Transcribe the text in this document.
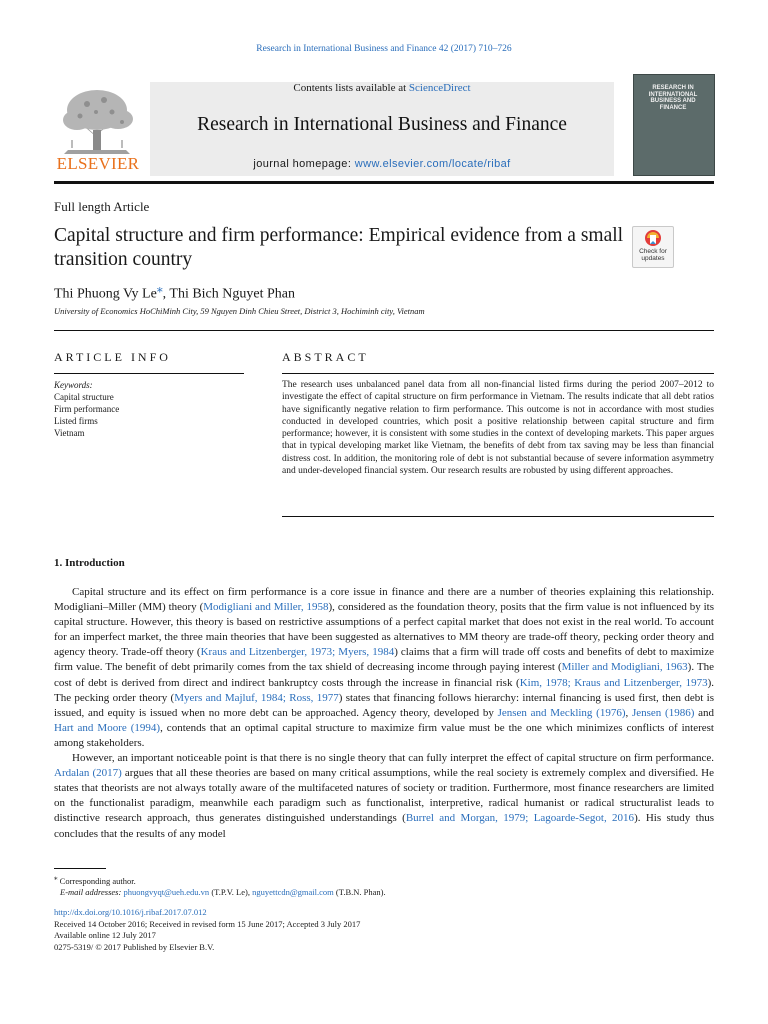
Research in International Business and Finance 42 (2017) 710–726
ELSEVIER
Contents lists available at ScienceDirect
Research in International Business and Finance
journal homepage: www.elsevier.com/locate/ribaf
RESEARCH IN INTERNATIONAL BUSINESS AND FINANCE
Full length Article
Capital structure and firm performance: Empirical evidence from a small transition country	Check for updates
Thi Phuong Vy Le⁎, Thi Bich Nguyet Phan
University of Economics HoChiMinh City, 59 Nguyen Dinh Chieu Street, District 3, Hochiminh city, Vietnam
ARTICLE INFO
Keywords:
Capital structure
Firm performance
Listed firms
Vietnam
ABSTRACT
The research uses unbalanced panel data from all non-financial listed firms during the period 2007–2012 to investigate the effect of capital structure on firm performance in Vietnam. The results indicate that all debt ratios have significantly negative relation to firm performance. This outcome is not in accordance with most studies conducted in developed countries, which posit a positive relationship between capital structure and firm performance; however, it is consistent with some studies in the context of developing markets. This paper argues that in typical developing market like Vietnam, the benefits of debt from tax saving may be less than financial distress cost. In addition, the monitoring role of debt is not substantial because of severe information asymmetry and under-developed financial system. Our research results are robusted by using different approaches.
1. Introduction

Capital structure and its effect on firm performance is a core issue in finance and there are a number of theories explaining this relationship. Modigliani–Miller (MM) theory (Modigliani and Miller, 1958), considered as the foundation theory, posits that the firm value is not influenced by its capital structure. However, this theory is based on restrictive assumptions of a perfect capital market that does not exist in the real world. To account for an imperfect market, the three main theories that have been suggested as alternatives to MM theory are trade-off theory, pecking order theory and agency theory. Trade-off theory (Kraus and Litzenberger, 1973; Myers, 1984) claims that a firm will trade off costs and benefits of debt to maximize firm value. The benefit of debt primarily comes from the tax shield of decreasing income through paying interest (Miller and Modigliani, 1963). The cost of debt is derived from direct and indirect bankruptcy costs through the increase in financial risk (Kim, 1978; Kraus and Litzenberger, 1973). The pecking order theory (Myers and Majluf, 1984; Ross, 1977) states that financing follows hierarchy: internal financing is used first, then debt is issued, and equity is issued when no more debt can be approached. Agency theory, developed by Jensen and Meckling (1976), Jensen (1986) and Hart and Moore (1994), contends that an optimal capital structure to maximize firm value must be the one which minimizes conflicts of interest among stakeholders.

However, an important noticeable point is that there is no single theory that can fully interpret the effect of capital structure on firm performance. Ardalan (2017) argues that all these theories are based on many critical assumptions, while the real society is extremely complex and diversified. He states that theorists are not always totally aware of the multifaceted natures of society or tradition. Furthermore, most finance researchers are limited on the functionalist paradigm, meanwhile each paradigm such as functionalist, interpretive, radical humanist or radical structuralist leads to distinctive research approach, thus generates distinguished understandings (Burrel and Morgan, 1979; Lagoarde-Segot, 2016). His study thus concludes that the results of any model

⁎ Corresponding author.
E-mail addresses: phuongvyqt@ueh.edu.vn (T.P.V. Le), nguyettcdn@gmail.com (T.B.N. Phan).
http://dx.doi.org/10.1016/j.ribaf.2017.07.012
Received 14 October 2016; Received in revised form 15 June 2017; Accepted 3 July 2017
Available online 12 July 2017
0275-5319/ © 2017 Published by Elsevier B.V.
